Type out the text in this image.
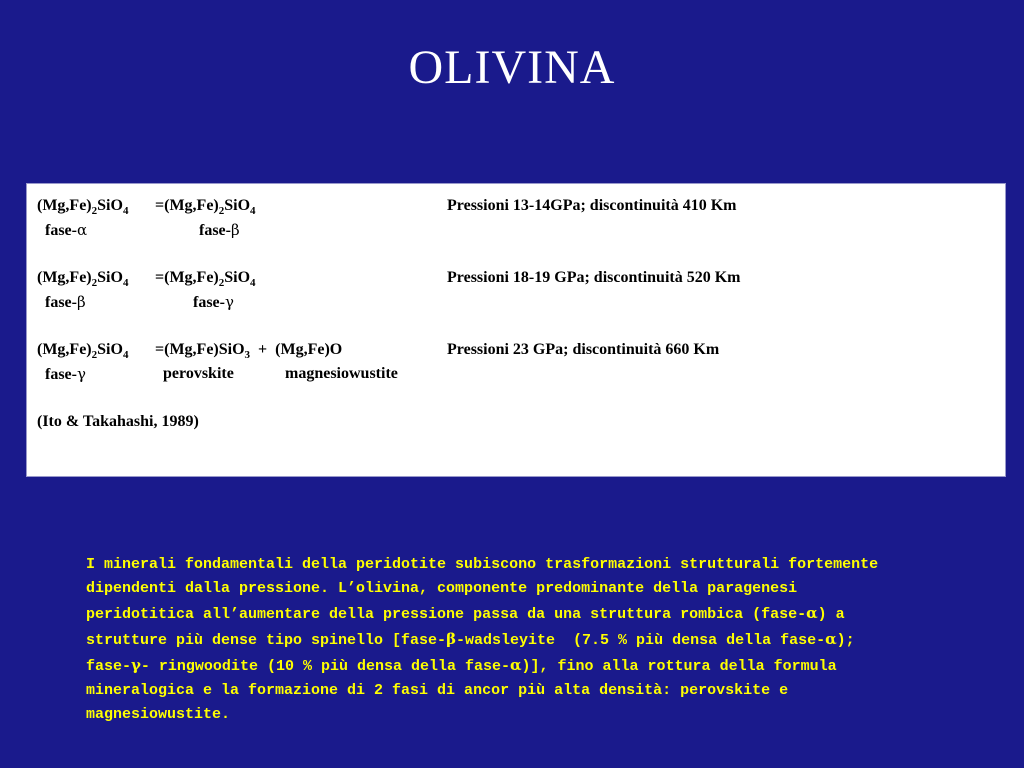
OLIVINA
$(Mg,Fe)_2SiO_4 =(Mg,Fe)_2SiO_4$	Pressioni 13-14GPa; discontinuità 410 Km
fase-α	fase-β
$(Mg,Fe)_2SiO_4 =(Mg,Fe)_2SiO_4$	Pressioni 18-19 GPa; discontinuità 520 Km
fase-β	fase-γ
$(Mg,Fe)_2SiO_4 =(Mg,Fe)SiO_3 + (Mg,Fe)O$	Pressioni 23 GPa; discontinuità 660 Km
fase-γ	perovskite	magnesiowustite
(Ito & Takahashi, 1989)
I minerali fondamentali della peridotite subiscono trasformazioni strutturali fortemente
dipendenti dalla pressione. L’olivina, componente predominante della paragenesi
peridotitica all’aumentare della pressione passa da una struttura rombica (fase-α) a
strutture più dense tipo spinello [fase-β-wadsleyite  (7.5 % più densa della fase-α);
fase-γ- ringwoodite (10 % più densa della fase-α)], fino alla rottura della formula
mineralogica e la formazione di 2 fasi di ancor più alta densità: perovskite e
magnesiowustite.
